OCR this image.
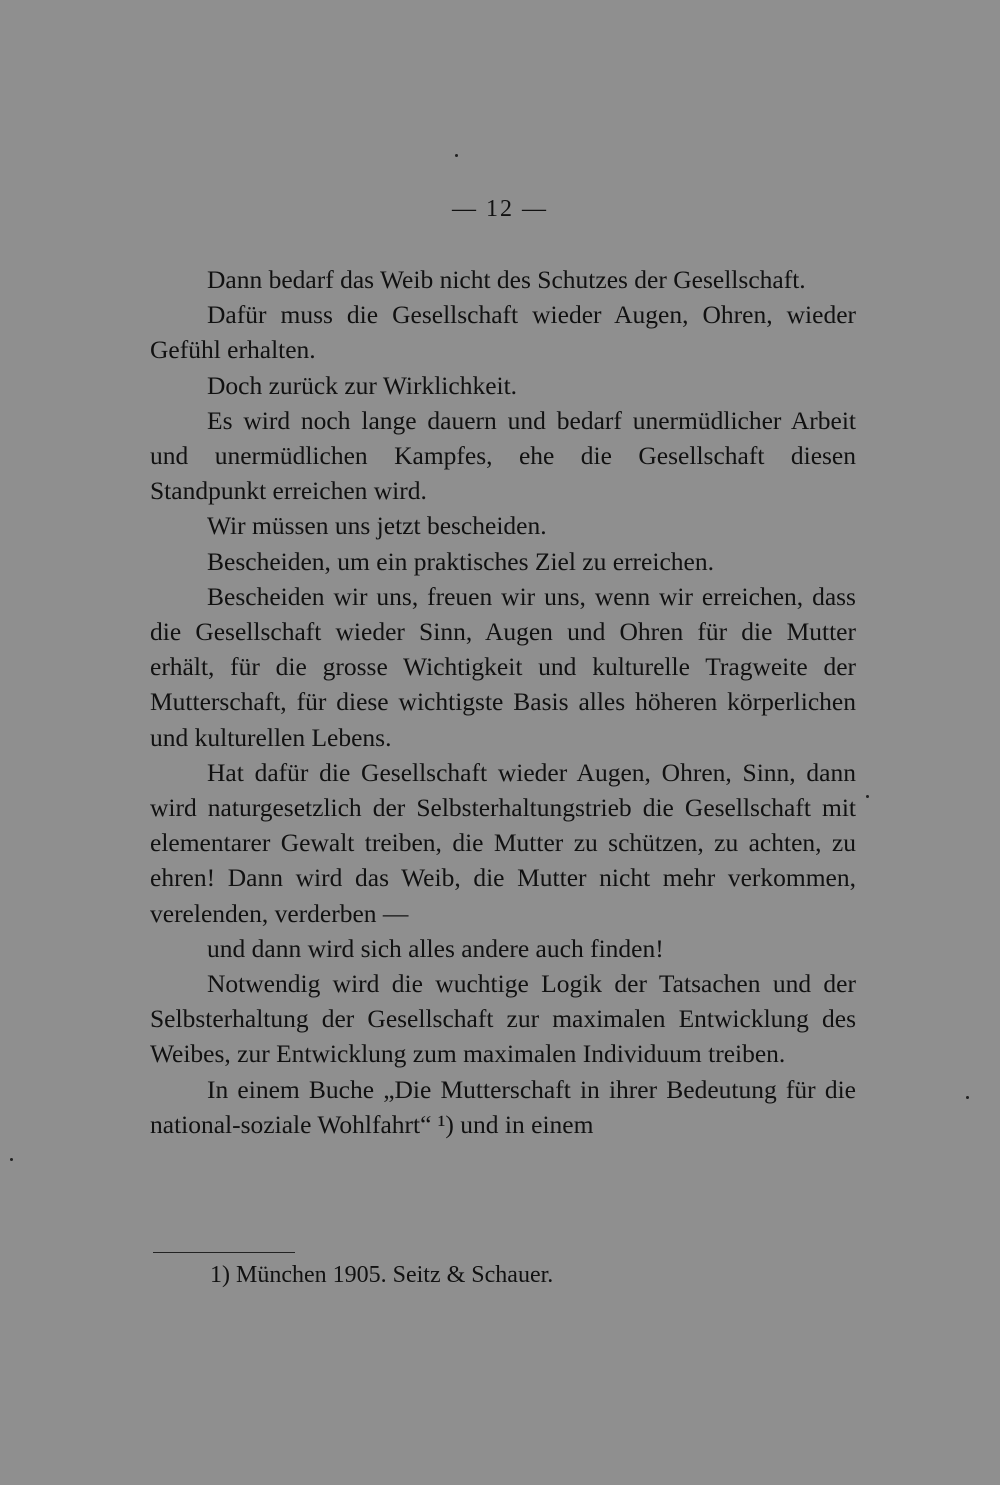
— 12 —

Dann bedarf das Weib nicht des Schutzes der Gesellschaft.

Dafür muss die Gesellschaft wieder Augen, Ohren, wieder Gefühl erhalten.

Doch zurück zur Wirklichkeit.

Es wird noch lange dauern und bedarf unermüdlicher Arbeit und unermüdlichen Kampfes, ehe die Gesellschaft diesen Standpunkt erreichen wird.

Wir müssen uns jetzt bescheiden.

Bescheiden, um ein praktisches Ziel zu erreichen.

Bescheiden wir uns, freuen wir uns, wenn wir erreichen, dass die Gesellschaft wieder Sinn, Augen und Ohren für die Mutter erhält, für die grosse Wichtigkeit und kulturelle Tragweite der Mutterschaft, für diese wichtigste Basis alles höheren körperlichen und kulturellen Lebens.

Hat dafür die Gesellschaft wieder Augen, Ohren, Sinn, dann wird naturgesetzlich der Selbsterhaltungstrieb die Gesellschaft mit elementarer Gewalt treiben, die Mutter zu schützen, zu achten, zu ehren! Dann wird das Weib, die Mutter nicht mehr verkommen, verelenden, verderben —

und dann wird sich alles andere auch finden!

Notwendig wird die wuchtige Logik der Tatsachen und der Selbsterhaltung der Gesellschaft zur maximalen Entwicklung des Weibes, zur Entwicklung zum maximalen Individuum treiben.

In einem Buche „Die Mutterschaft in ihrer Bedeutung für die national-soziale Wohlfahrt“ ¹) und in einem

1) München 1905. Seitz & Schauer.
